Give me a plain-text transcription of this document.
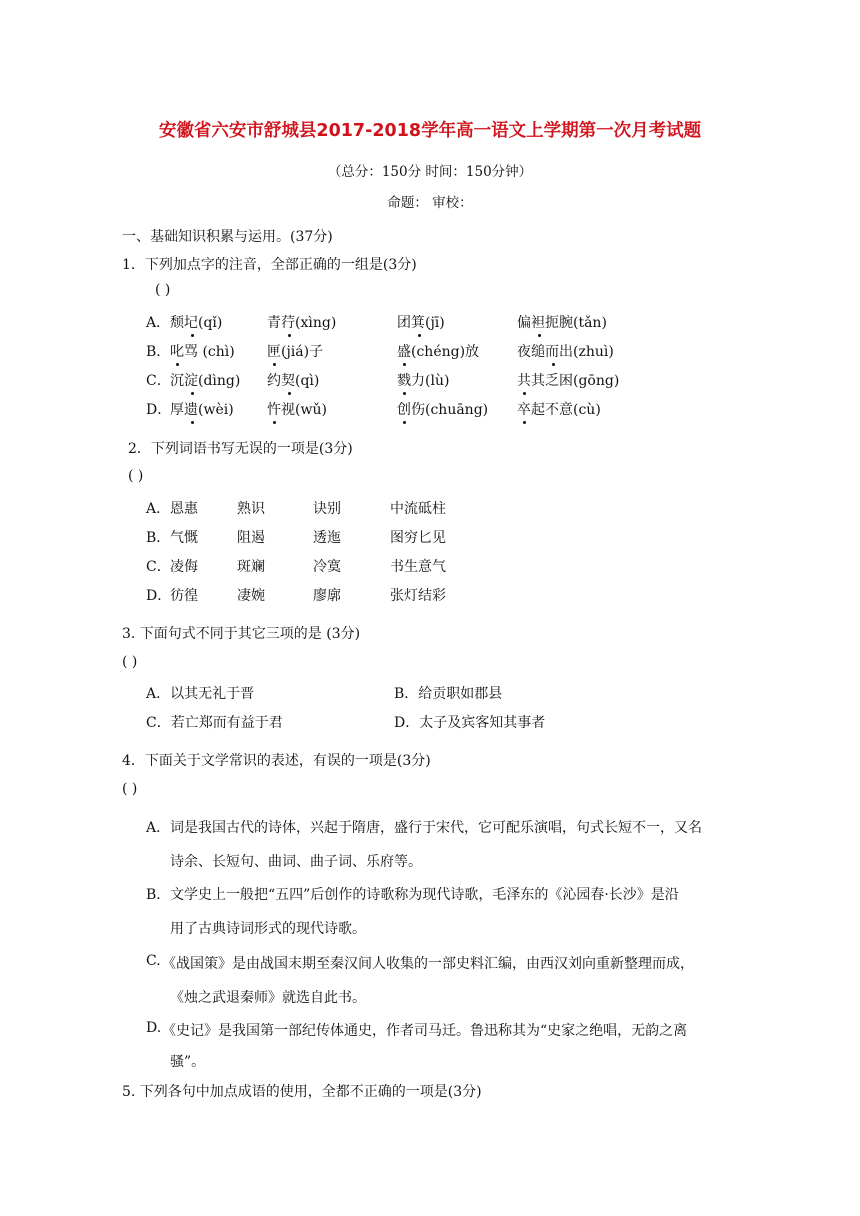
安徽省六安市舒城县2017-2018学年高一语文上学期第一次月考试题
（总分：150分 时间：150分钟）
命题： 审校：
一、基础知识积累与运用。(37分)
1．下列加点字的注音，全部正确的一组是(3分)
( )
A． 颓圮(qǐ)	青荇(xìng)	团箕(jī)	偏袒扼腕(tǎn)
B． 叱骂 (chì) 匣(jiá)子	盛(chéng)放	夜缒而出(zhuì)
C． 沉淀(dìng) 约契(qì)	戮力(lù)	共其乏困(gōng)
D．
厚遗(wèi) 忤视(wǔ)	创伤(chuāng) 卒起不意(cù)
2．下列词语书写无误的一项是(3分)
( )
A． 恩惠	熟识	诀别	中流砥柱
B． 气慨	阻遏	透迤	图穷匕见
C． 凌侮	斑斓	冷寞	书生意气
D．
彷徨	凄婉	廖廓	张灯结彩
3. 下面句式不同于其它三项的是 (3分)
( )
A．以其无礼于晋	B．给贡职如郡县
C．若亡郑而有益于君	D．太子及宾客知其事者
4．下面关于文学常识的表述，有误的一项是(3分)
( )
A． 词是我国古代的诗体，兴起于隋唐，盛行于宋代，它可配乐演唱，句式长短不一，又名
诗余、长短句、曲词、曲子词、乐府等。
B． 文学史上一般把“五四”后创作的诗歌称为现代诗歌，毛泽东的《沁园春·长沙》是沿
用了古典诗词形式的现代诗歌。
C. 《战国策》是由战国末期至秦汉间人收集的一部史料汇编，由西汉刘向重新整理而成，
《烛之武退秦师》就选自此书。
D. 《史记》是我国第一部纪传体通史，作者司马迁。鲁迅称其为“史家之绝唱，无韵之离
骚”。
5. 下列各句中加点成语的使用，全都不正确的一项是(3分)
